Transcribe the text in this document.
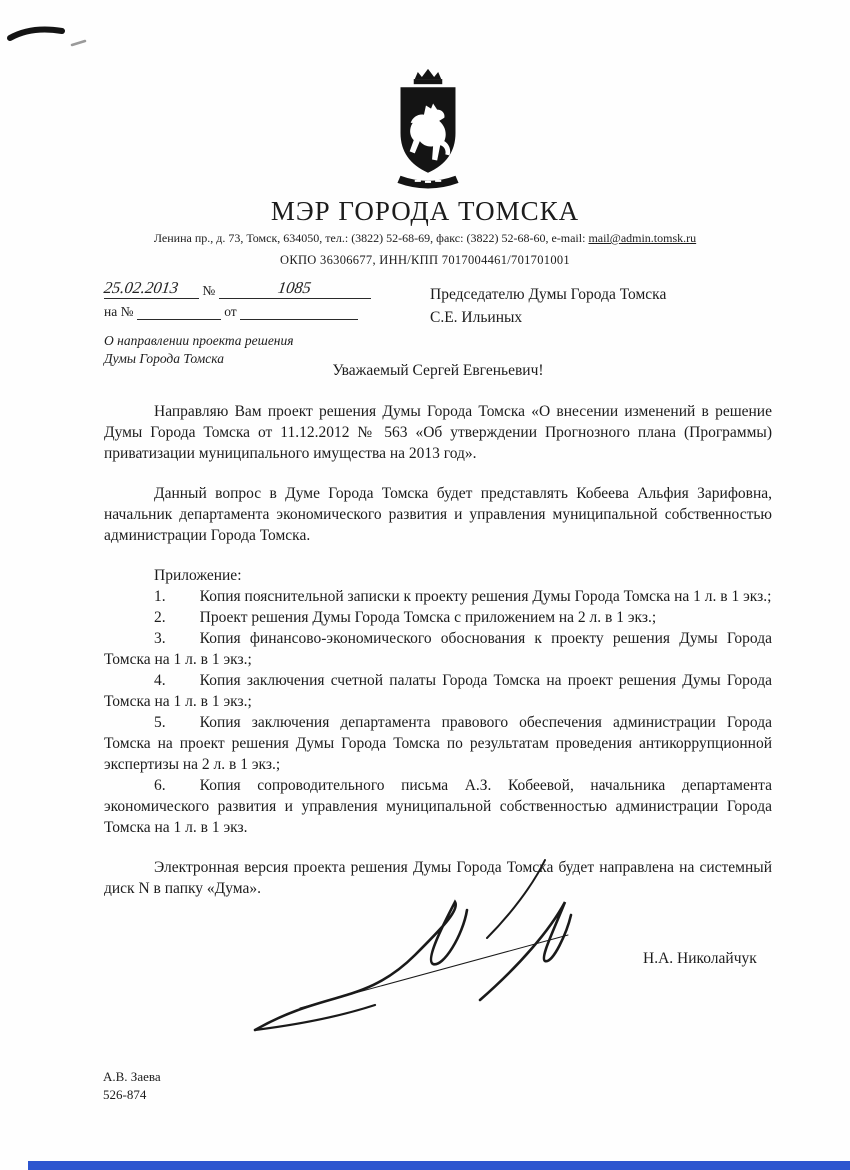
МЭР ГОРОДА ТОМСКА
Ленина пр., д. 73, Томск, 634050, тел.: (3822) 52-68-69, факс: (3822) 52-68-60, e-mail: mail@admin.tomsk.ru
ОКПО 36306677, ИНН/КПП 7017004461/701701001
25.02.2013 №	1085
на №	от
О направлении проекта решения Думы Города Томска
Председателю Думы Города Томска
С.Е. Ильиных
Уважаемый Сергей Евгеньевич!

Направляю Вам проект решения Думы Города Томска «О внесении изменений в решение Думы Города Томска от 11.12.2012 № 563 «Об утверждении Прогнозного плана (Программы) приватизации муниципального имущества на 2013 год».

Данный вопрос в Думе Города Томска будет представлять Кобеева Альфия Зарифовна, начальник департамента экономического развития и управления муниципальной собственностью администрации Города Томска.

Приложение:
1. Копия пояснительной записки к проекту решения Думы Города Томска на 1 л. в 1 экз.;
2. Проект решения Думы Города Томска с приложением на 2 л. в 1 экз.;
3. Копия финансово-экономического обоснования к проекту решения Думы Города Томска на 1 л. в 1 экз.;
4. Копия заключения счетной палаты Города Томска на проект решения Думы Города Томска на 1 л. в 1 экз.;
5. Копия заключения департамента правового обеспечения администрации Города Томска на проект решения Думы Города Томска по результатам проведения антикоррупционной экспертизы на 2 л. в 1 экз.;
6. Копия сопроводительного письма А.З. Кобеевой, начальника департамента экономического развития и управления муниципальной собственностью администрации Города Томска на 1 л. в 1 экз.

Электронная версия проекта решения Думы Города Томска будет направлена на системный диск N в папку «Дума».

Н.А. Николайчук
А.В. Заева
526-874
